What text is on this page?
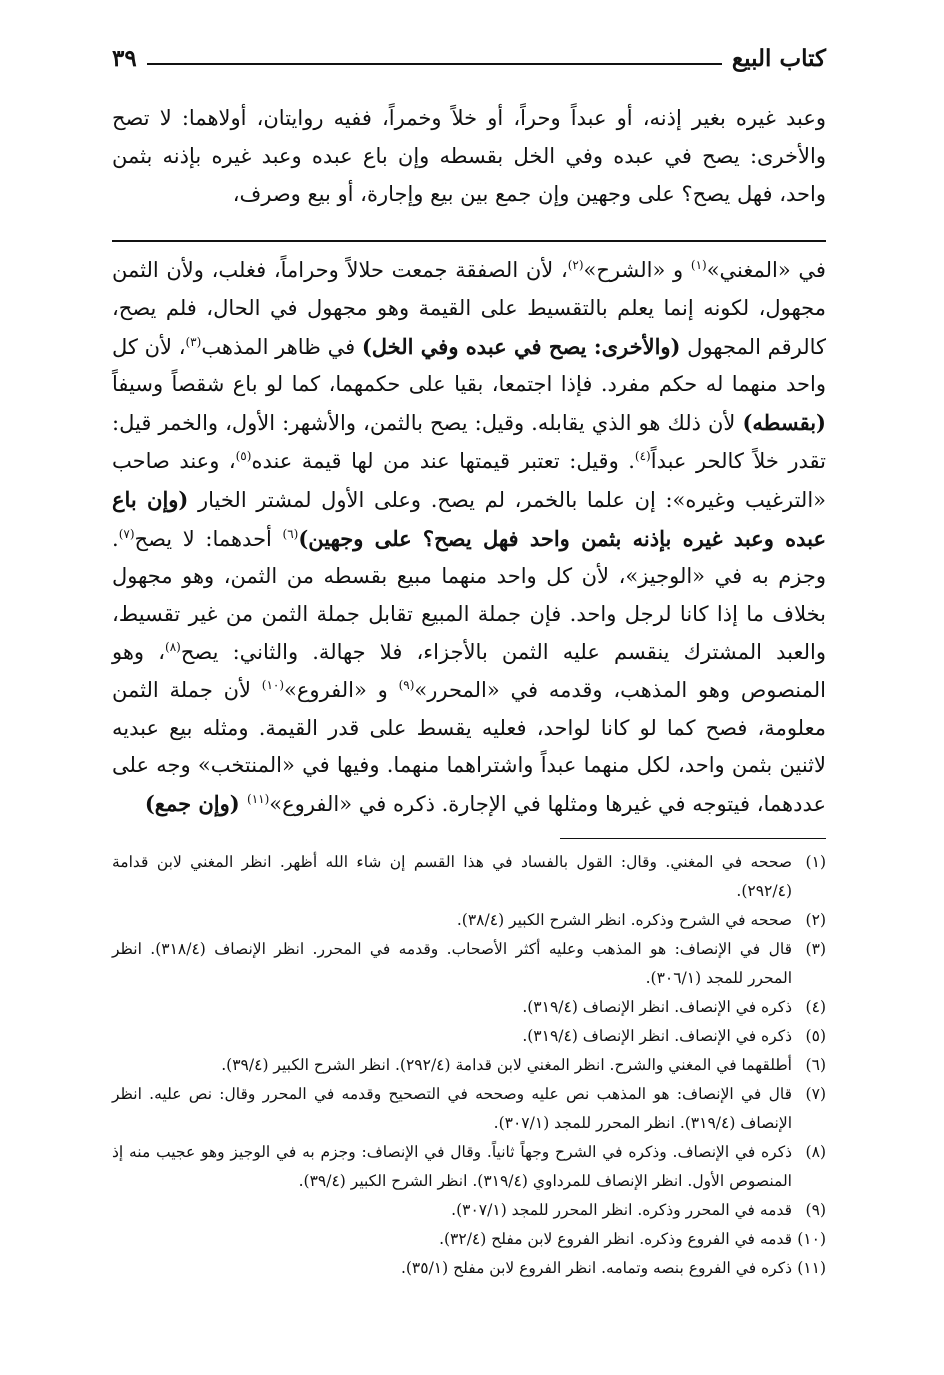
كتاب البيع
٣٩
وعبد غيره بغير إذنه، أو عبداً وحراً، أو خلاً وخمراً، ففيه روايتان، أولاهما: لا تصح والأخرى: يصح في عبده وفي الخل بقسطه وإن باع عبده وعبد غيره بإذنه بثمن واحد، فهل يصح؟ على وجهين وإن جمع بين بيع وإجارة، أو بيع وصرف،
في «المغني»$^{(١)}$ و «الشرح»$^{(٢)}$، لأن الصفقة جمعت حلالاً وحراماً، فغلب، ولأن الثمن مجهول، لكونه إنما يعلم بالتقسيط على القيمة وهو مجهول في الحال، فلم يصح، كالرقم المجهول (والأخرى: يصح في عبده وفي الخل) في ظاهر المذهب$^{(٣)}$، لأن كل واحد منهما له حكم مفرد. فإذا اجتمعا، بقيا على حكمهما، كما لو باع شقصاً وسيفاً (بقسطه) لأن ذلك هو الذي يقابله. وقيل: يصح بالثمن، والأشهر: الأول، والخمر قيل: تقدر خلاً كالحر عبداً$^{(٤)}$. وقيل: تعتبر قيمتها عند من لها قيمة عنده$^{(٥)}$، وعند صاحب «الترغيب وغيره»: إن علما بالخمر، لم يصح. وعلى الأول لمشتر الخيار (وإن باع عبده وعبد غيره بإذنه بثمن واحد فهل يصح؟ على وجهين)$^{(٦)}$ أحدهما: لا يصح$^{(٧)}$. وجزم به في «الوجيز»، لأن كل واحد منهما مبيع بقسطه من الثمن، وهو مجهول بخلاف ما إذا كانا لرجل واحد. فإن جملة المبيع تقابل جملة الثمن من غير تقسيط، والعبد المشترك ينقسم عليه الثمن بالأجزاء، فلا جهالة. والثاني: يصح$^{(٨)}$، وهو المنصوص وهو المذهب، وقدمه في «المحرر»$^{(٩)}$ و «الفروع»$^{(١٠)}$ لأن جملة الثمن معلومة، فصح كما لو كانا لواحد، فعليه يقسط على قدر القيمة. ومثله بيع عبديه لاثنين بثمن واحد، لكل منهما عبداً واشتراهما منهما. وفيها في «المنتخب» وجه على عددهما، فيتوجه في غيرها ومثلها في الإجارة. ذكره في «الفروع»$^{(١١)}$ (وإن جمع)
(١)
صححه في المغني. وقال: القول بالفساد في هذا القسم إن شاء الله أظهر. انظر المغني لابن قدامة (٢٩٢/٤).
(٢)
صححه في الشرح وذكره. انظر الشرح الكبير (٣٨/٤).
(٣)
قال في الإنصاف: هو المذهب وعليه أكثر الأصحاب. وقدمه في المحرر. انظر الإنصاف (٣١٨/٤). انظر المحرر للمجد (٣٠٦/١).
(٤)
ذكره في الإنصاف. انظر الإنصاف (٣١٩/٤).
(٥)
ذكره في الإنصاف. انظر الإنصاف (٣١٩/٤).
(٦)
أطلقهما في المغني والشرح. انظر المغني لابن قدامة (٢٩٢/٤). انظر الشرح الكبير (٣٩/٤).
(٧)
قال في الإنصاف: هو المذهب نص عليه وصححه في التصحيح وقدمه في المحرر وقال: نص عليه. انظر الإنصاف (٣١٩/٤). انظر المحرر للمجد (٣٠٧/١).
(٨)
ذكره في الإنصاف. وذكره في الشرح وجهاً ثانياً. وقال في الإنصاف: وجزم به في الوجيز وهو عجيب منه إذ المنصوص الأول. انظر الإنصاف للمرداوي (٣١٩/٤). انظر الشرح الكبير (٣٩/٤).
(٩)
قدمه في المحرر وذكره. انظر المحرر للمجد (٣٠٧/١).
(١٠)
قدمه في الفروع وذكره. انظر الفروع لابن مفلح (٣٢/٤).
(١١)
ذكره في الفروع بنصه وتمامه. انظر الفروع لابن مفلح (٣٥/١).
